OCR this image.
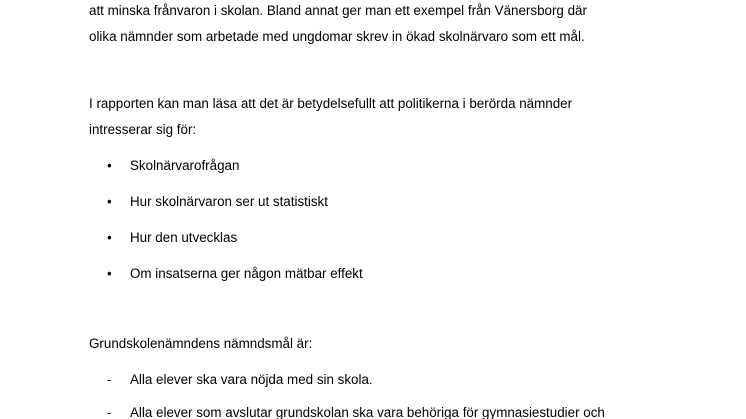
att minska frånvaron i skolan. Bland annat ger man ett exempel från Vänersborg där
olika nämnder som arbetade med ungdomar skrev in ökad skolnärvaro som ett mål.
I rapporten kan man läsa att det är betydelsefullt att politikerna i berörda nämnder
intresserar sig för:
• Skolnärvarofrågan
• Hur skolnärvaron ser ut statistiskt
• Hur den utvecklas
• Om insatserna ger någon mätbar effekt
Grundskolenämndens nämndsmål är:
- Alla elever ska vara nöjda med sin skola.
- Alla elever som avslutar grundskolan ska vara behöriga för gymnasiestudier och
